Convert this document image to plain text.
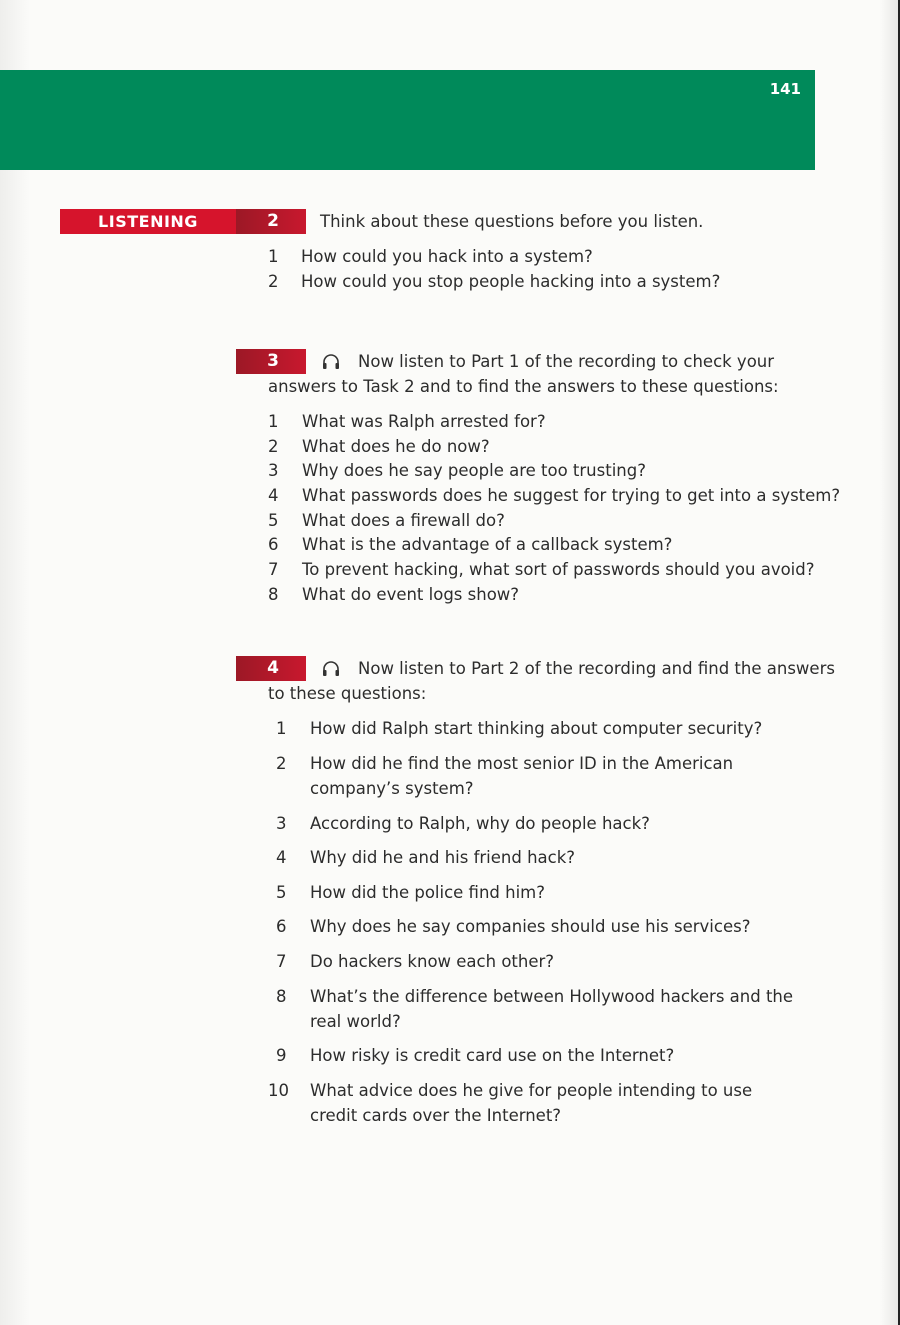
141
LISTENING	2	Think about these questions before you listen.
1 How could you hack into a system?
2 How could you stop people hacking into a system?
3	Now listen to Part 1 of the recording to check your
answers to Task 2 and to find the answers to these questions:
1 What was Ralph arrested for?
2 What does he do now?
3 Why does he say people are too trusting?
4 What passwords does he suggest for trying to get into a system?
5 What does a firewall do?
6 What is the advantage of a callback system?
7 To prevent hacking, what sort of passwords should you avoid?
8 What do event logs show?
4	Now listen to Part 2 of the recording and find the answers
to these questions:
1 How did Ralph start thinking about computer security?
2 How did he find the most senior ID in the American company’s system?
3 According to Ralph, why do people hack?
4 Why did he and his friend hack?
5 How did the police find him?
6 Why does he say companies should use his services?
7 Do hackers know each other?
8 What’s the difference between Hollywood hackers and the real world?
9 How risky is credit card use on the Internet?
10 What advice does he give for people intending to use credit cards over the Internet?
